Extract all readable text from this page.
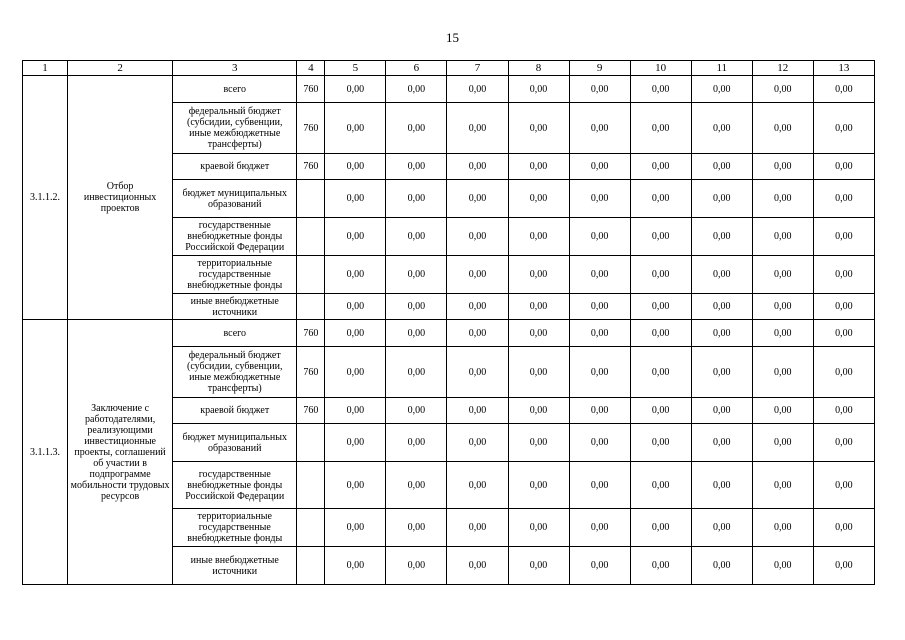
15
1	2	3	4	5	6	7	8	9	10	11	12	13
3.1.1.2.	Отбор инвестиционных проектов	всего	760	0,00	0,00	0,00	0,00	0,00	0,00	0,00	0,00	0,00
		федеральный бюджет (субсидии, субвенции, иные межбюджетные трансферты)	760	0,00	0,00	0,00	0,00	0,00	0,00	0,00	0,00	0,00
		краевой бюджет	760	0,00	0,00	0,00	0,00	0,00	0,00	0,00	0,00	0,00
		бюджет муниципальных образований		0,00	0,00	0,00	0,00	0,00	0,00	0,00	0,00	0,00
		государственные внебюджетные фонды Российской Федерации		0,00	0,00	0,00	0,00	0,00	0,00	0,00	0,00	0,00
		территориальные государственные внебюджетные фонды		0,00	0,00	0,00	0,00	0,00	0,00	0,00	0,00	0,00
		иные внебюджетные источники		0,00	0,00	0,00	0,00	0,00	0,00	0,00	0,00	0,00
3.1.1.3.	Заключение с работодателями, реализующими инвестиционные проекты, соглашений об участии в подпрограмме мобильности трудовых ресурсов	всего	760	0,00	0,00	0,00	0,00	0,00	0,00	0,00	0,00	0,00
		федеральный бюджет (субсидии, субвенции, иные межбюджетные трансферты)	760	0,00	0,00	0,00	0,00	0,00	0,00	0,00	0,00	0,00
		краевой бюджет	760	0,00	0,00	0,00	0,00	0,00	0,00	0,00	0,00	0,00
		бюджет муниципальных образований		0,00	0,00	0,00	0,00	0,00	0,00	0,00	0,00	0,00
		государственные внебюджетные фонды Российской Федерации		0,00	0,00	0,00	0,00	0,00	0,00	0,00	0,00	0,00
		территориальные государственные внебюджетные фонды		0,00	0,00	0,00	0,00	0,00	0,00	0,00	0,00	0,00
		иные внебюджетные источники		0,00	0,00	0,00	0,00	0,00	0,00	0,00	0,00	0,00
